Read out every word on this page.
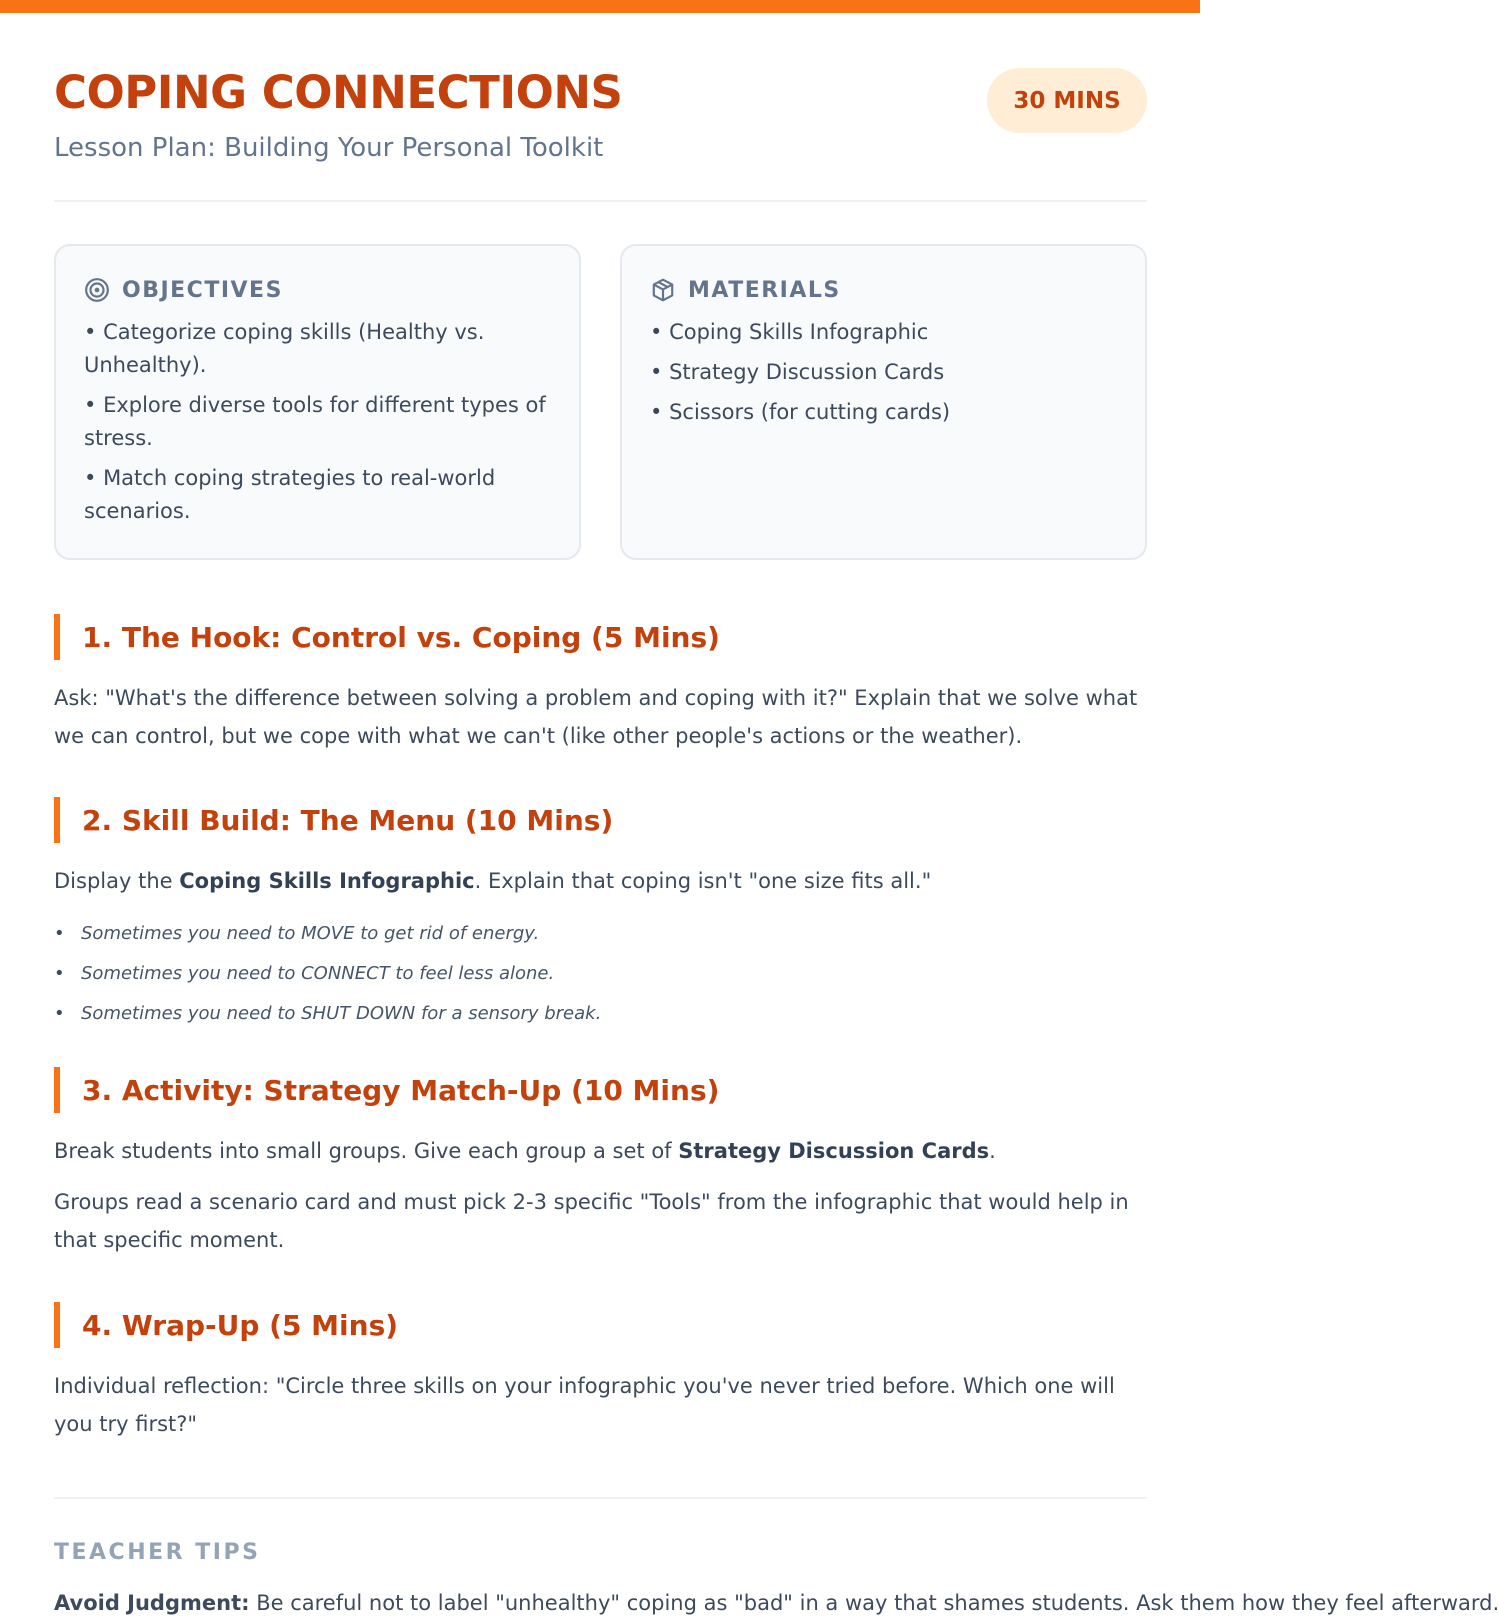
COPING CONNECTIONS
Lesson Plan: Building Your Personal Toolkit
30 MINS
OBJECTIVES
• Categorize coping skills (Healthy vs. Unhealthy).
• Explore diverse tools for different types of stress.
• Match coping strategies to real-world scenarios.
MATERIALS
• Coping Skills Infographic
• Strategy Discussion Cards
• Scissors (for cutting cards)
1. The Hook: Control vs. Coping (5 Mins)

Ask: "What's the difference between solving a problem and coping with it?" Explain that we solve what we can control, but we cope with what we can't (like other people's actions or the weather).

2. Skill Build: The Menu (10 Mins)

Display the Coping Skills Infographic. Explain that coping isn't "one size fits all."

• Sometimes you need to MOVE to get rid of energy.
• Sometimes you need to CONNECT to feel less alone.
• Sometimes you need to SHUT DOWN for a sensory break.
3. Activity: Strategy Match-Up (10 Mins)

Break students into small groups. Give each group a set of Strategy Discussion Cards.

Groups read a scenario card and must pick 2-3 specific "Tools" from the infographic that would help in that specific moment.

4. Wrap-Up (5 Mins)

Individual reflection: "Circle three skills on your infographic you've never tried before. Which one will you try first?"

TEACHER TIPS

Avoid Judgment: Be careful not to label "unhealthy" coping as "bad" in a way that shames students. Ask them how they feel afterward.
